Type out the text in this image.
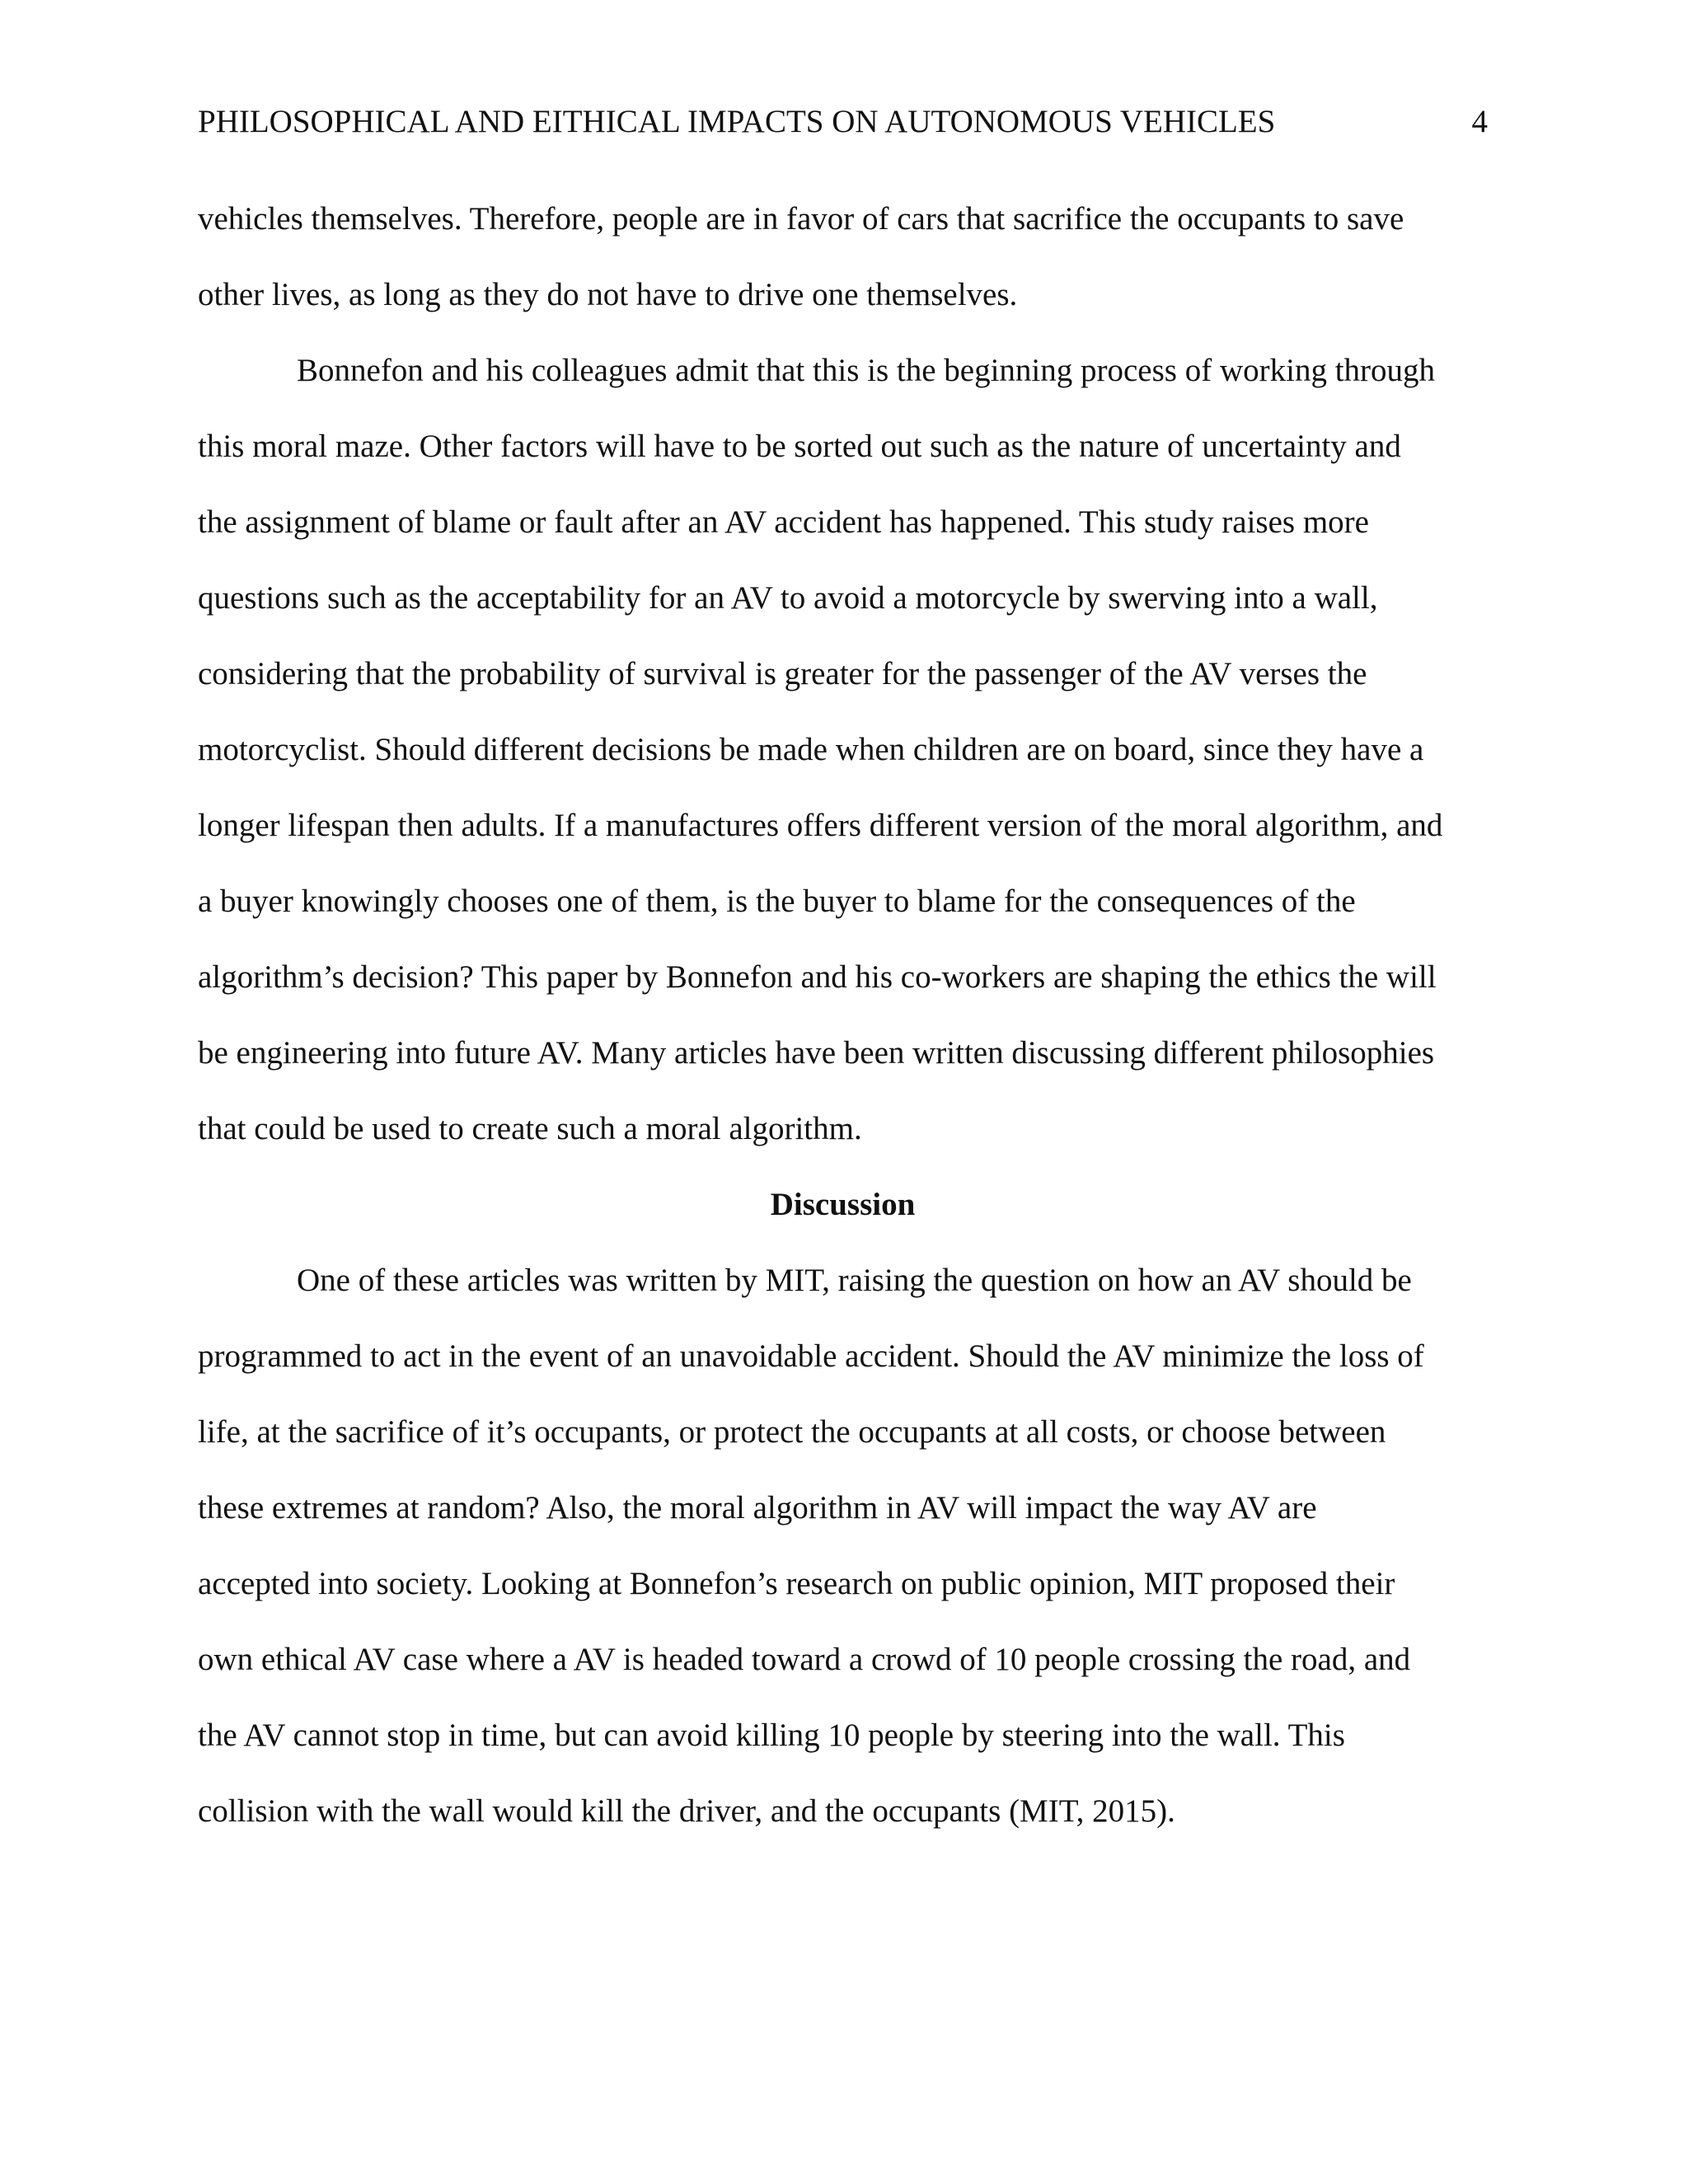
PHILOSOPHICAL AND EITHICAL IMPACTS ON AUTONOMOUS VEHICLES	4
vehicles themselves. Therefore, people are in favor of cars that sacrifice the occupants to save
other lives, as long as they do not have to drive one themselves.
Bonnefon and his colleagues admit that this is the beginning process of working through
this moral maze. Other factors will have to be sorted out such as the nature of uncertainty and
the assignment of blame or fault after an AV accident has happened. This study raises more
questions such as the acceptability for an AV to avoid a motorcycle by swerving into a wall,
considering that the probability of survival is greater for the passenger of the AV verses the
motorcyclist. Should different decisions be made when children are on board, since they have a
longer lifespan then adults. If a manufactures offers different version of the moral algorithm, and
a buyer knowingly chooses one of them, is the buyer to blame for the consequences of the
algorithm’s decision? This paper by Bonnefon and his co-workers are shaping the ethics the will
be engineering into future AV. Many articles have been written discussing different philosophies
that could be used to create such a moral algorithm.
Discussion
One of these articles was written by MIT, raising the question on how an AV should be
programmed to act in the event of an unavoidable accident. Should the AV minimize the loss of
life, at the sacrifice of it’s occupants, or protect the occupants at all costs, or choose between
these extremes at random? Also, the moral algorithm in AV will impact the way AV are
accepted into society. Looking at Bonnefon’s research on public opinion, MIT proposed their
own ethical AV case where a AV is headed toward a crowd of 10 people crossing the road, and
the AV cannot stop in time, but can avoid killing 10 people by steering into the wall. This
collision with the wall would kill the driver, and the occupants (MIT, 2015).
